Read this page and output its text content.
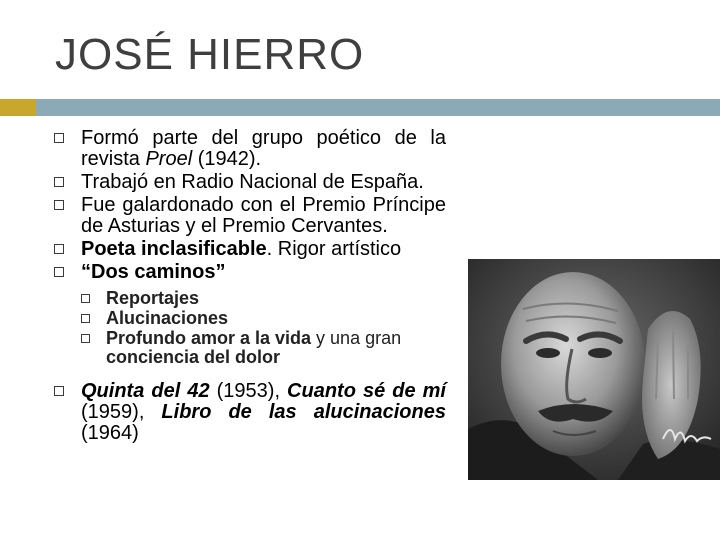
JOSÉ HIERRO
Formó parte del grupo poético de la revista Proel (1942).
Trabajó en Radio Nacional de España.
Fue galardonado con el Premio Príncipe de Asturias y el Premio Cervantes.
Poeta inclasificable. Rigor artístico
“Dos caminos”
Reportajes
Alucinaciones
Profundo amor a la vida y una gran conciencia del dolor
Quinta del 42 (1953), Cuanto sé de mí (1959), Libro de las alucinaciones (1964)
